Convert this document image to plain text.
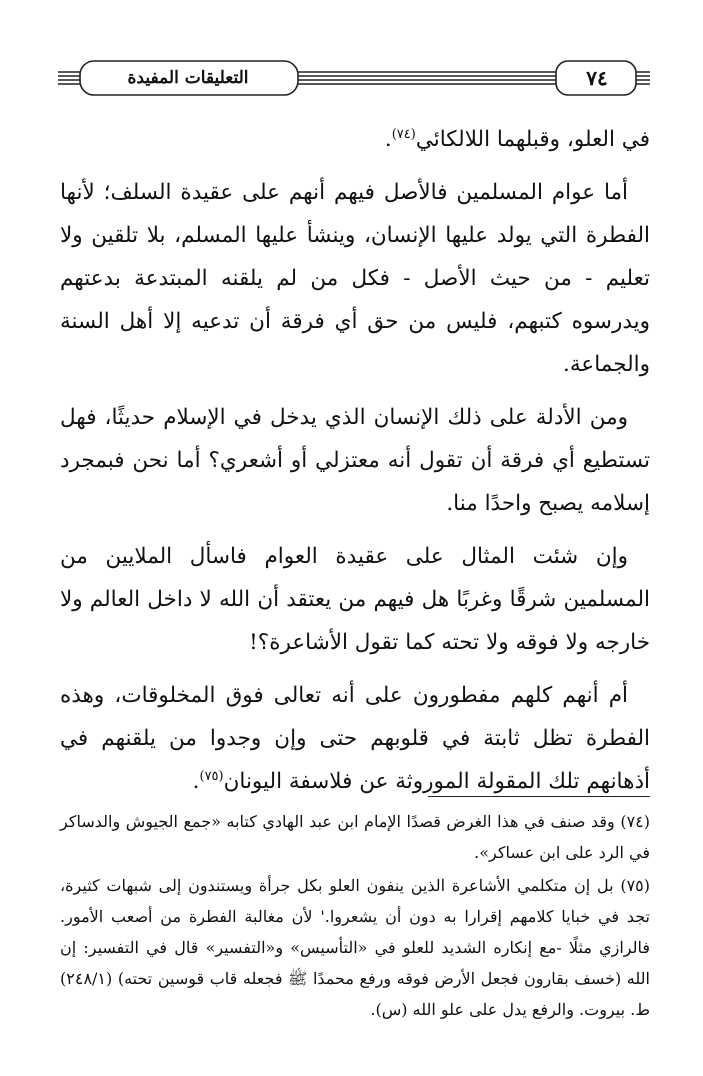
التعليقات المفيدة	٧٤

في العلو، وقبلهما اللالكائي$^{(٧٤)}$.

أما عوام المسلمين فالأصل فيهم أنهم على عقيدة السلف؛ لأنها الفطرة التي يولد عليها الإنسان، وينشأ عليها المسلم، بلا تلقين ولا تعليم - من حيث الأصل - فكل من لم يلقنه المبتدعة بدعتهم ويدرسوه كتبهم، فليس من حق أي فرقة أن تدعيه إلا أهل السنة والجماعة.

ومن الأدلة على ذلك الإنسان الذي يدخل في الإسلام حديثًا، فهل تستطيع أي فرقة أن تقول أنه معتزلي أو أشعري؟ أما نحن فبمجرد إسلامه يصبح واحدًا منا.

وإن شئت المثال على عقيدة العوام فاسأل الملايين من المسلمين شرقًا وغربًا هل فيهم من يعتقد أن الله لا داخل العالم ولا خارجه ولا فوقه ولا تحته كما تقول الأشاعرة؟!

أم أنهم كلهم مفطورون على أنه تعالى فوق المخلوقات، وهذه الفطرة تظل ثابتة في قلوبهم حتى وإن وجدوا من يلقنهم في أذهانهم تلك المقولة الموروثة عن فلاسفة اليونان$^{(٧٥)}$.

(٧٤) وقد صنف في هذا الغرض قصدًا الإمام ابن عبد الهادي كتابه «جمع الجيوش والدساكر في الرد على ابن عساكر».
(٧٥) بل إن متكلمي الأشاعرة الذين ينفون العلو بكل جرأة ويستندون إلى شبهات كثيرة، تجد في خبايا كلامهم إقرارا به دون أن يشعروا.' لأن مغالبة الفطرة من أصعب الأمور. فالرازي مثلًا -مع إنكاره الشديد للعلو في «التأسيس» و«التفسير» قال في التفسير: إن الله (خسف بقارون فجعل الأرض فوقه ورفع محمدًا ﷺ فجعله قاب قوسين تحته) (٢٤٨/١) ط. بيروت. والرفع يدل على علو الله (س).
